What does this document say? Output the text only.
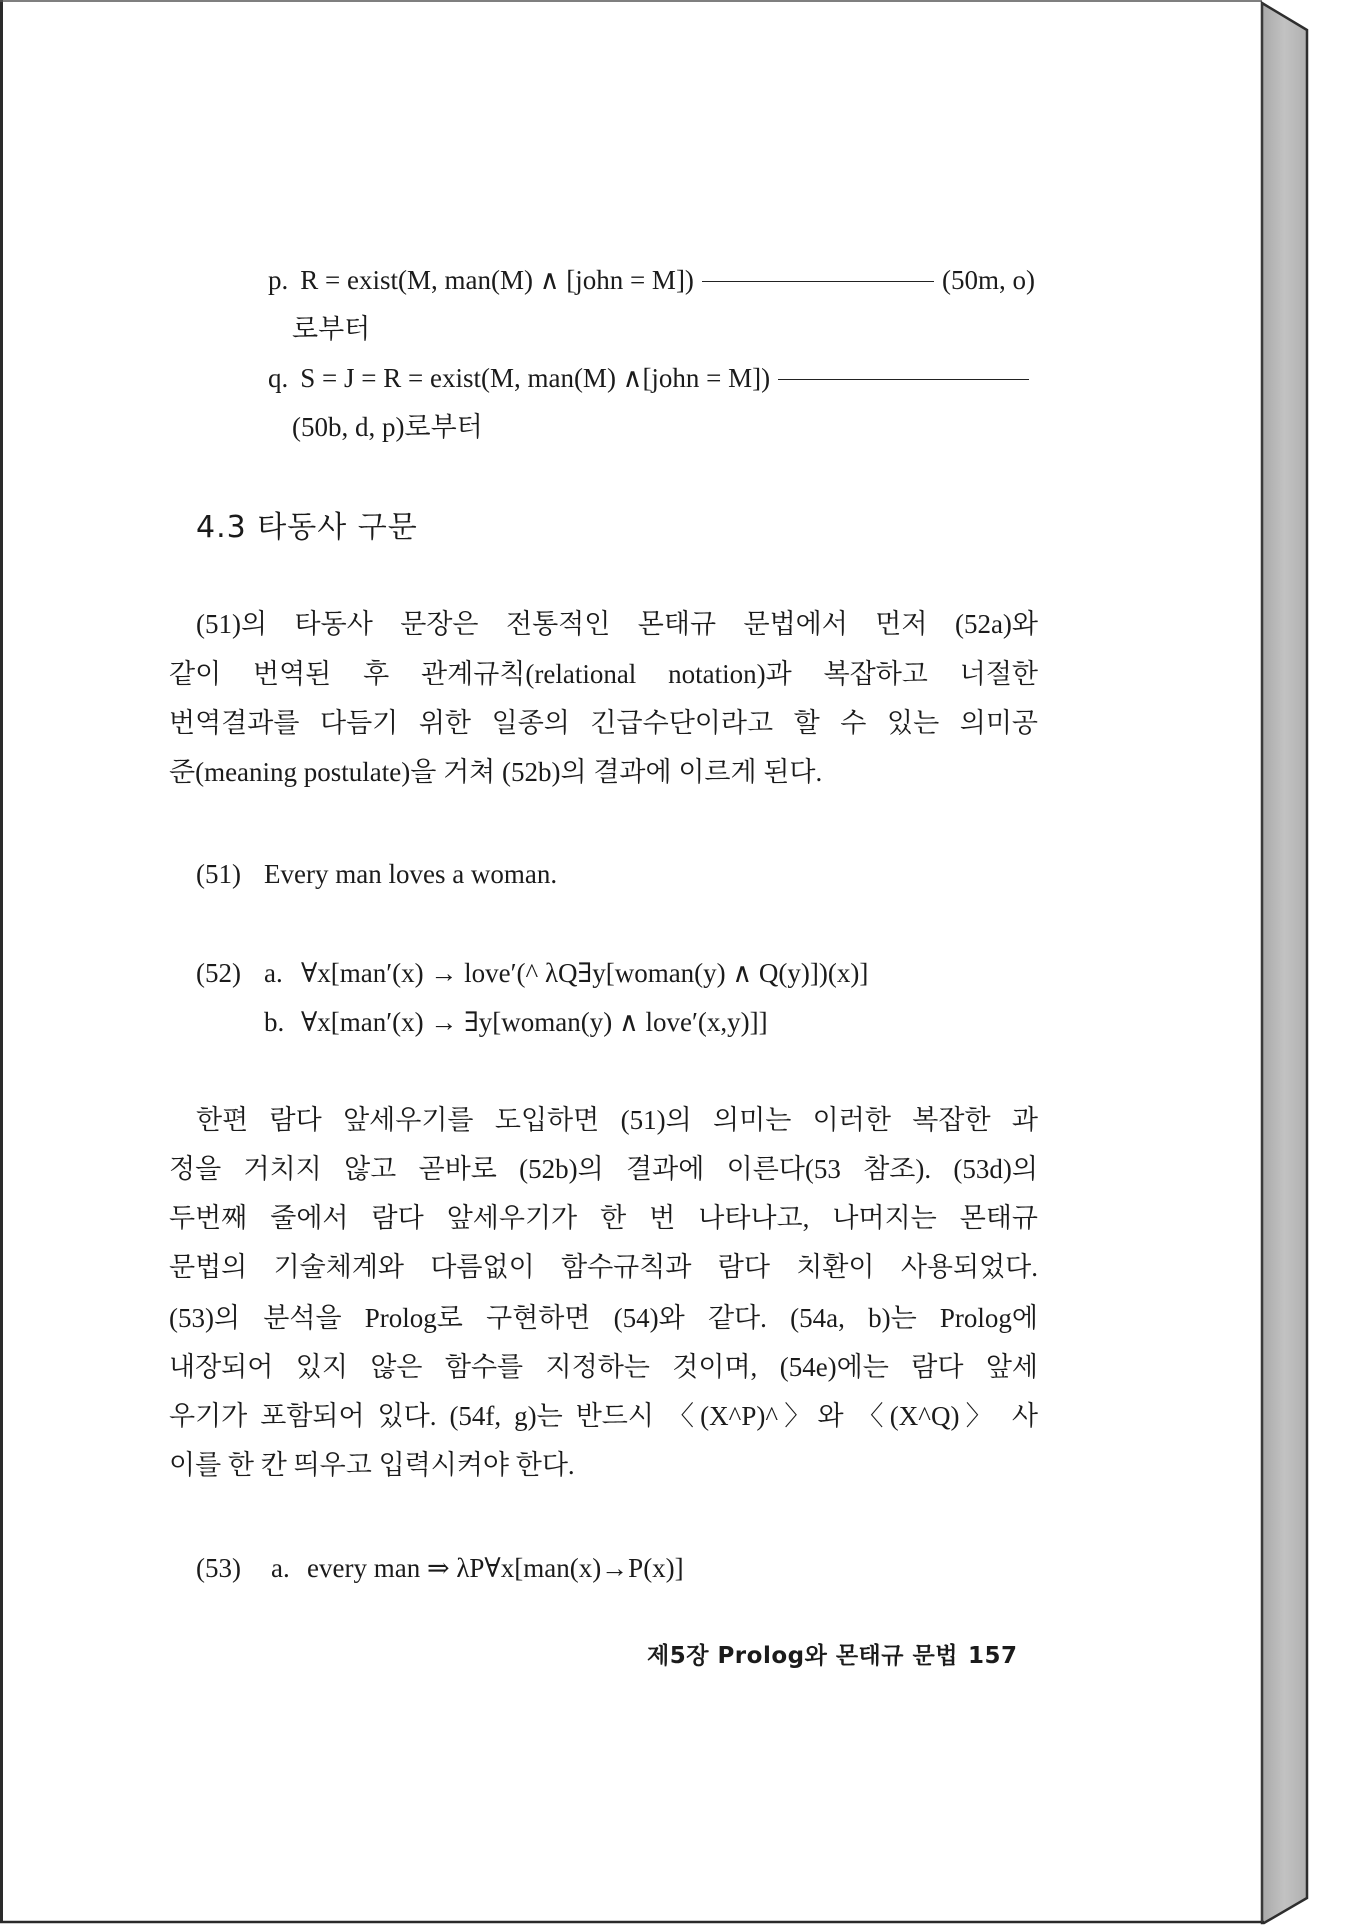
p. R = exist(M, man(M) ∧ [john = M])	(50m, o)
로부터
q. S = J = R = exist(M, man(M) ∧[john = M])
(50b, d, p)로부터
4.3 타동사 구문
(51)의 타동사 문장은 전통적인 몬태규 문법에서 먼저 (52a)와
같이 번역된 후 관계규칙(relational notation)과 복잡하고 너절한
번역결과를 다듬기 위한 일종의 긴급수단이라고 할 수 있는 의미공
준(meaning postulate)을 거쳐 (52b)의 결과에 이르게 된다.
(51) Every man loves a woman.
(52) a. ∀x[man′(x) → love′(^ λQ∃y[woman(y) ∧ Q(y)])(x)]
b. ∀x[man′(x) → ∃y[woman(y) ∧ love′(x,y)]]
한편 람다 앞세우기를 도입하면 (51)의 의미는 이러한 복잡한 과
정을 거치지 않고 곧바로 (52b)의 결과에 이른다(53 참조). (53d)의
두번째 줄에서 람다 앞세우기가 한 번 나타나고, 나머지는 몬태규
문법의 기술체계와 다름없이 함수규칙과 람다 치환이 사용되었다.
(53)의 분석을 Prolog로 구현하면 (54)와 같다. (54a, b)는 Prolog에
내장되어 있지 않은 함수를 지정하는 것이며, (54e)에는 람다 앞세
우기가 포함되어 있다. (54f, g)는 반드시 〈(X^P)^〉와 〈(X^Q)〉 사
이를 한 칸 띄우고 입력시켜야 한다.
(53) a. every man ⇒ λP∀x[man(x)→P(x)]
제5장 Prolog와 몬태규 문법 157
